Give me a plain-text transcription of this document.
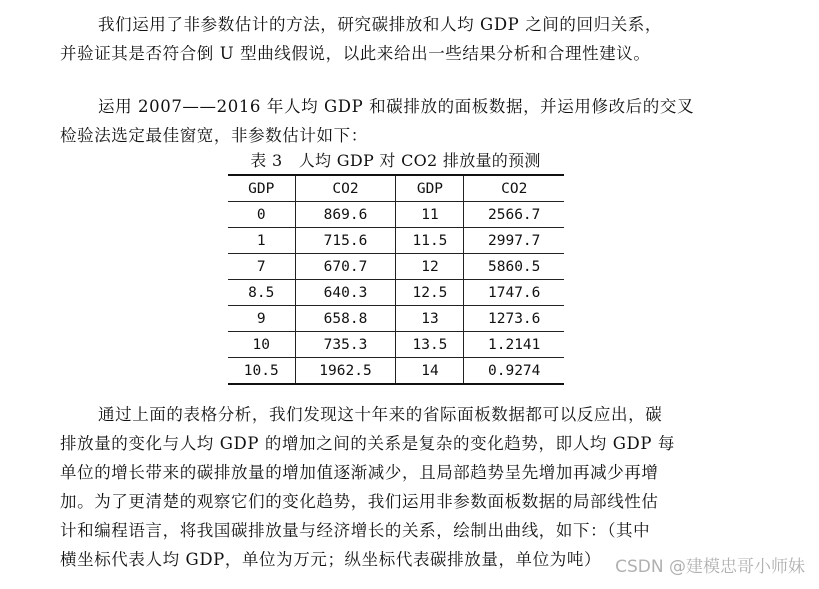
我们运用了非参数估计的方法，研究碳排放和人均 GDP 之间的回归关系，
并验证其是否符合倒 U 型曲线假说，以此来给出一些结果分析和合理性建议。
运用 2007——2016 年人均 GDP 和碳排放的面板数据，并运用修改后的交叉
检验法选定最佳窗宽，非参数估计如下：
表 3　人均 GDP 对 CO2 排放量的预测
GDP	CO2	GDP	CO2
0	869.6	11	2566.7
1	715.6	11.5	2997.7
7	670.7	12	5860.5
8.5	640.3	12.5	1747.6
9	658.8	13	1273.6
10	735.3	13.5	1.2141
10.5	1962.5	14	0.9274
通过上面的表格分析，我们发现这十年来的省际面板数据都可以反应出，碳
排放量的变化与人均 GDP 的增加之间的关系是复杂的变化趋势，即人均 GDP 每
单位的增长带来的碳排放量的增加值逐渐减少，且局部趋势呈先增加再减少再增
加。为了更清楚的观察它们的变化趋势，我们运用非参数面板数据的局部线性估
计和编程语言，将我国碳排放量与经济增长的关系，绘制出曲线，如下：（其中
横坐标代表人均 GDP，单位为万元；纵坐标代表碳排放量，单位为吨） CSDN @建模忠哥小师妹
